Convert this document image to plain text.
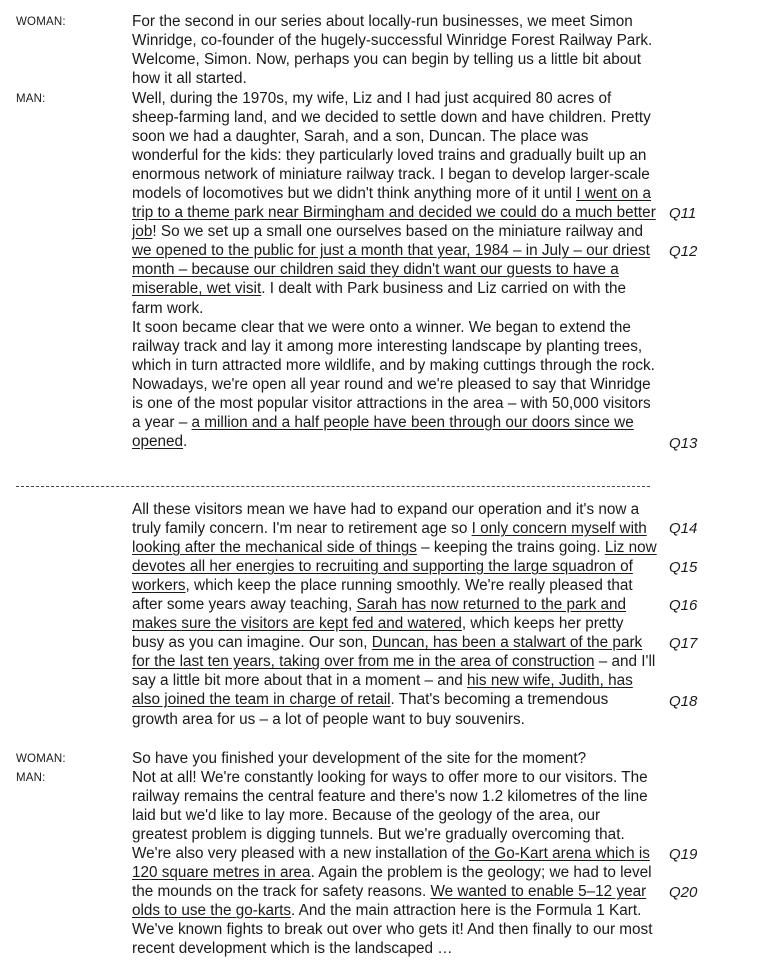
WOMAN:	For the second in our series about locally-run businesses, we meet Simon Winridge, co-founder of the hugely-successful Winridge Forest Railway Park. Welcome, Simon. Now, perhaps you can begin by telling us a little bit about how it all started.

MAN:	Well, during the 1970s, my wife, Liz and I had just acquired 80 acres of sheep-farming land, and we decided to settle down and have children. Pretty soon we had a daughter, Sarah, and a son, Duncan. The place was wonderful for the kids: they particularly loved trains and gradually built up an enormous network of miniature railway track. I began to develop larger-scale models of locomotives but we didn't think anything more of it until I went on a trip to a theme park near Birmingham and decided we could do a much better job! So we set up a small one ourselves based on the miniature railway and we opened to the public for just a month that year, 1984 – in July – our driest month – because our children said they didn't want our guests to have a miserable, wet visit. I dealt with Park business and Liz carried on with the farm work.

It soon became clear that we were onto a winner. We began to extend the railway track and lay it among more interesting landscape by planting trees, which in turn attracted more wildlife, and by making cuttings through the rock.

Nowadays, we're open all year round and we're pleased to say that Winridge is one of the most popular visitor attractions in the area – with 50,000 visitors a year – a million and a half people have been through our doors since we opened.

Q11
Q12
Q13

All these visitors mean we have had to expand our operation and it's now a truly family concern. I'm near to retirement age so I only concern myself with looking after the mechanical side of things – keeping the trains going. Liz now devotes all her energies to recruiting and supporting the large squadron of workers, which keep the place running smoothly. We're really pleased that after some years away teaching, Sarah has now returned to the park and makes sure the visitors are kept fed and watered, which keeps her pretty busy as you can imagine. Our son, Duncan, has been a stalwart of the park for the last ten years, taking over from me in the area of construction – and I'll say a little bit more about that in a moment – and his new wife, Judith, has also joined the team in charge of retail. That's becoming a tremendous growth area for us – a lot of people want to buy souvenirs.

Q14
Q15
Q16
Q17
Q18
WOMAN:	So have you finished your development of the site for the moment?

MAN:	Not at all! We're constantly looking for ways to offer more to our visitors. The railway remains the central feature and there's now 1.2 kilometres of the line laid but we'd like to lay more. Because of the geology of the area, our greatest problem is digging tunnels. But we're gradually overcoming that. We're also very pleased with a new installation of the Go-Kart arena which is 120 square metres in area. Again the problem is the geology; we had to level the mounds on the track for safety reasons. We wanted to enable 5–12 year olds to use the go-karts. And the main attraction here is the Formula 1 Kart. We've known fights to break out over who gets it! And then finally to our most recent development which is the landscaped …

Q19
Q20
